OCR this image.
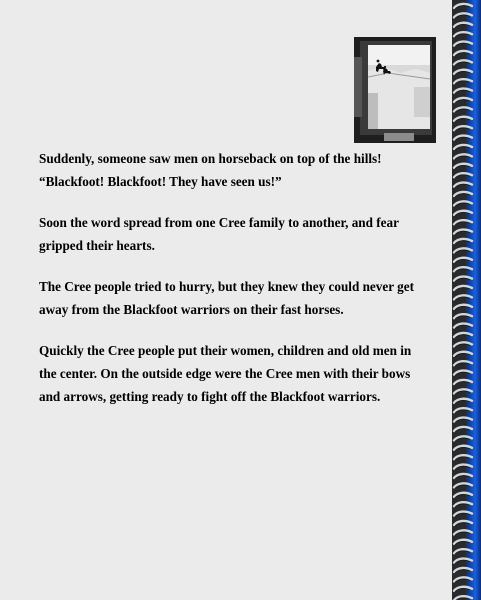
Suddenly, someone saw men on horseback on top of the hills!
“Blackfoot! Blackfoot! They have seen us!”

Soon the word spread from one Cree family to another, and fear
gripped their hearts.

The Cree people tried to hurry, but they knew they could never get
away from the Blackfoot warriors on their fast horses.

Quickly the Cree people put their women, children and old men in
the center. On the outside edge were the Cree men with their bows
and arrows, getting ready to fight off the Blackfoot warriors.
